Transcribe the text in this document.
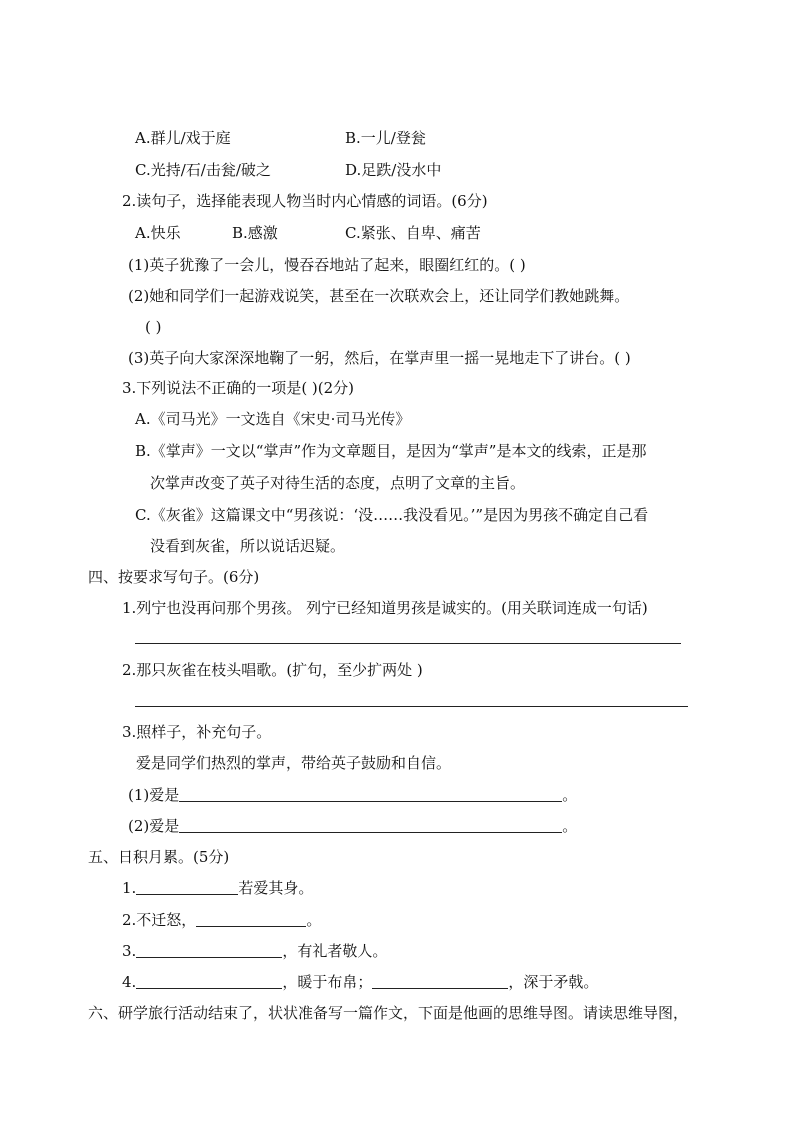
A.群儿/戏于庭	B.一儿/登瓮
C.光持/石/击瓮/破之	D.足跌/没水中
2.读句子，选择能表现人物当时内心情感的词语。(6分)
A.快乐	B.感激	C.紧张、自卑、痛苦
(1)英子犹豫了一会儿，慢吞吞地站了起来，眼圈红红的。( )
(2)她和同学们一起游戏说笑，甚至在一次联欢会上，还让同学们教她跳舞。
( )
(3)英子向大家深深地鞠了一躬，然后，在掌声里一摇一晃地走下了讲台。( )
3.下列说法不正确的一项是( )(2分)
A.《司马光》一文选自《宋史·司马光传》
B.《掌声》一文以“掌声”作为文章题目，是因为“掌声”是本文的线索，正是那
次掌声改变了英子对待生活的态度，点明了文章的主旨。
C.《灰雀》这篇课文中“男孩说：‘没……我没看见。’”是因为男孩不确定自己看
没看到灰雀，所以说话迟疑。
四、按要求写句子。(6分)
1.列宁也没再问那个男孩。 列宁已经知道男孩是诚实的。(用关联词连成一句话)
2.那只灰雀在枝头唱歌。(扩句，至少扩两处 )
3.照样子，补充句子。
爱是同学们热烈的掌声，带给英子鼓励和自信。
(1)爱是	。
(2)爱是	。
五、日积月累。(5分)
1.	若爱其身。
2.不迁怒，	。
3.	，有礼者敬人。
4.	，暖于布帛；	，深于矛戟。
六、研学旅行活动结束了，状状准备写一篇作文，下面是他画的思维导图。请读思维导图，
